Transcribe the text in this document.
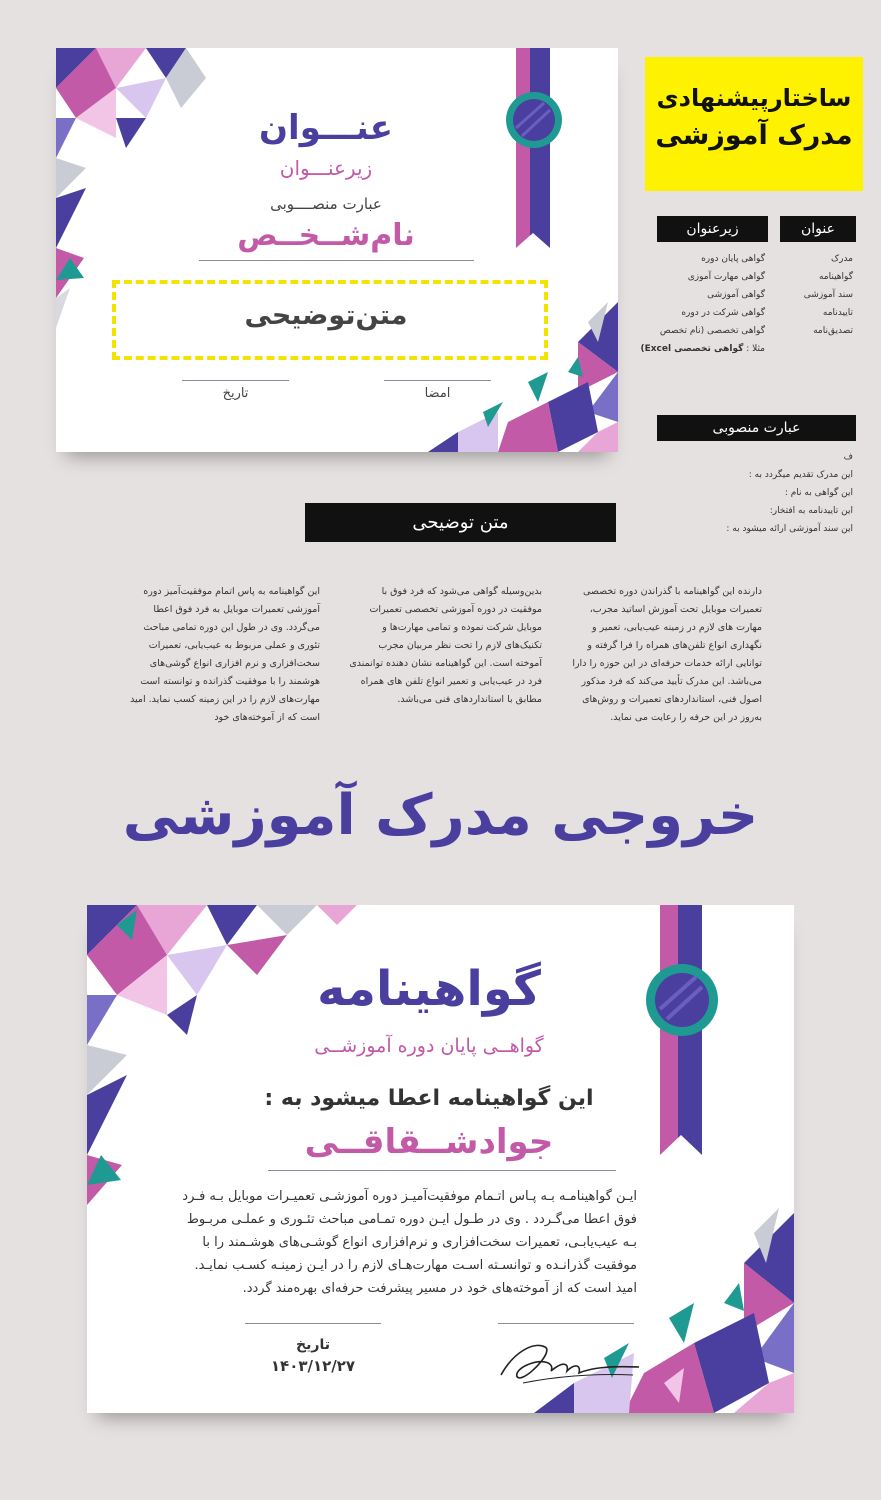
عنـــوان
زیرعنـــوان
عبارت منصــــوبی
نام‌شــخــص
متن‌توضیحی
امضا
تاریخ
ساختارپیشنهادی
مدرک آموزشی
عنوان
زیرعنوان
مدرک
گواهینامه
سند آموزشی
تاییدنامه
تصدیق‌نامه
گواهی پایان دوره
گواهی مهارت آموزی
گواهی آموزشی
گواهی شرکت در دوره
گواهی تخصصی (نام تخصص
مثلا : گواهی تخصصی Excel)
عبارت منصوبی
ف
این مدرک تقدیم میگردد به :
این گواهی به نام :
این تاییدنامه به افتخار:
این سند آموزشی ارائه میشود به :
متن توضیحی
دارنده این گواهینامه با گذراندن دوره تخصصی تعمیرات موبایل تحت آموزش اساتید مجرب، مهارت های لازم در زمینه عیب‌یابی، تعمیر و نگهداری انواع تلفن‌های همراه را فرا گرفته و توانایی ارائه خدمات حرفه‌ای در این حوزه را دارا می‌باشد. این مدرک تأیید می‌کند که فرد مذکور اصول فنی، استانداردهای تعمیرات و روش‌های به‌روز در این حرفه را رعایت می نماید.
بدین‌وسیله گواهی می‌شود که فرد فوق با موفقیت در دوره آموزشی تخصصی تعمیرات موبایل شرکت نموده و تمامی مهارت‌ها و تکنیک‌های لازم را تحت نظر مربیان مجرب آموخته است. این گواهینامه نشان دهنده توانمندی فرد در عیب‌یابی و تعمیر انواع تلفن های همراه مطابق با استانداردهای فنی می‌باشد.
این گواهینامه به پاس اتمام موفقیت‌آمیز دوره آموزشی تعمیرات موبایل به فرد فوق اعطا می‌گردد. وی در طول این دوره تمامی مباحث تئوری و عملی مربوط به عیب‌یابی، تعمیرات سخت‌افزاری و نرم افزاری انواع گوشی‌های هوشمند را با موفقیت گذرانده و توانسته است مهارت‌های لازم را در این زمینه کسب نماید. امید است که از آموخته‌های خود
خروجی مدرک آموزشی
گواهینامه
گواهــی پایان دوره آموزشــی
این گواهینامه اعطا میشود به :
جوادشــقاقــی
ایـن گواهینامـه بـه پـاس اتـمام موفقیت‌آمیـز دوره آموزشـی تعمیـرات موبایل بـه فـرد
فوق اعطا می‌گـردد . وی در طـول ایـن دوره تمـامی مباحث تئـوری و عملـی مربـوط
بـه عیب‌یابـی، تعمیرات سخت‌افزاری و نرم‌افزاری انواع گوشـی‌های هوشـمند را با
موفقیت گذرانـده و توانسـته اسـت مهارت‌هـای لازم را در ایـن زمینـه کسـب نمایـد.
امید است که از آموخته‌های خود در مسیر پیشرفت حرفه‌ای بهره‌مند گردد.
تاریخ
۱۴۰۳/۱۲/۲۷
